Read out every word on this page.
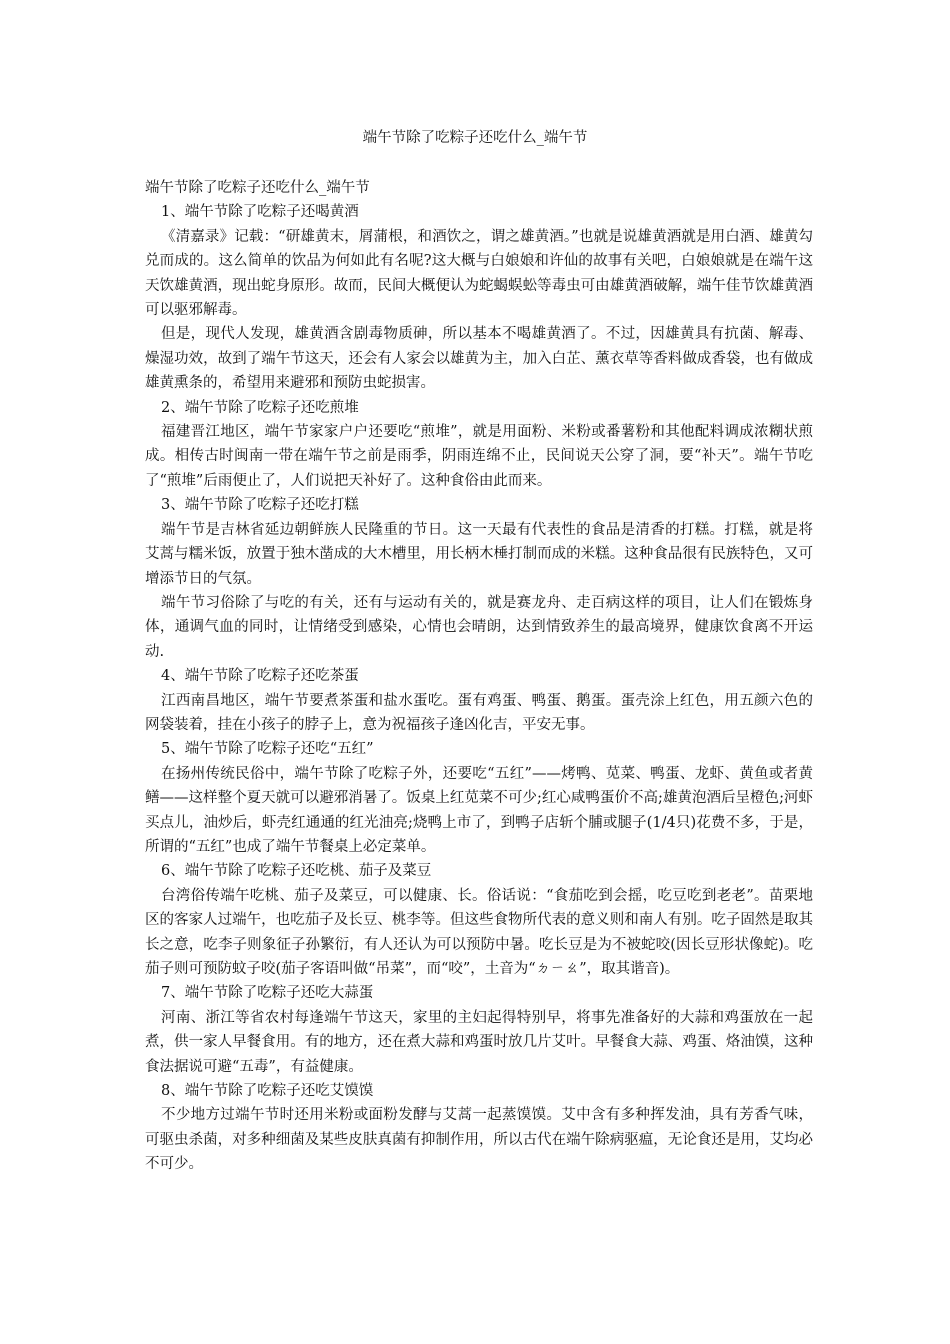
端午节除了吃粽子还吃什么_端午节

端午节除了吃粽子还吃什么_端午节

1、端午节除了吃粽子还喝黄酒

《清嘉录》记载：“研雄黄末，屑蒲根，和酒饮之，谓之雄黄酒。”也就是说雄黄酒就是用白酒、雄黄勾兑而成的。这么简单的饮品为何如此有名呢?这大概与白娘娘和许仙的故事有关吧，白娘娘就是在端午这天饮雄黄酒，现出蛇身原形。故而，民间大概便认为蛇蝎蜈蚣等毒虫可由雄黄酒破解，端午佳节饮雄黄酒可以驱邪解毒。

但是，现代人发现，雄黄酒含剧毒物质砷，所以基本不喝雄黄酒了。不过，因雄黄具有抗菌、解毒、燥湿功效，故到了端午节这天，还会有人家会以雄黄为主，加入白芷、薰衣草等香料做成香袋，也有做成雄黄熏条的，希望用来避邪和预防虫蛇损害。

2、端午节除了吃粽子还吃煎堆

福建晋江地区，端午节家家户户还要吃“煎堆”，就是用面粉、米粉或番薯粉和其他配料调成浓糊状煎成。相传古时闽南一带在端午节之前是雨季，阴雨连绵不止，民间说天公穿了洞，要“补天”。端午节吃了“煎堆”后雨便止了，人们说把天补好了。这种食俗由此而来。

3、端午节除了吃粽子还吃打糕

端午节是吉林省延边朝鲜族人民隆重的节日。这一天最有代表性的食品是清香的打糕。打糕，就是将艾蒿与糯米饭，放置于独木凿成的大木槽里，用长柄木棰打制而成的米糕。这种食品很有民族特色，又可增添节日的气氛。

端午节习俗除了与吃的有关，还有与运动有关的，就是赛龙舟、走百病这样的项目，让人们在锻炼身体，通调气血的同时，让情绪受到感染，心情也会晴朗，达到情致养生的最高境界，健康饮食离不开运动.

4、端午节除了吃粽子还吃茶蛋

江西南昌地区，端午节要煮茶蛋和盐水蛋吃。蛋有鸡蛋、鸭蛋、鹅蛋。蛋壳涂上红色，用五颜六色的网袋装着，挂在小孩子的脖子上，意为祝福孩子逢凶化吉，平安无事。

5、端午节除了吃粽子还吃“五红”

在扬州传统民俗中，端午节除了吃粽子外，还要吃“五红”——烤鸭、苋菜、鸭蛋、龙虾、黄鱼或者黄鳝——这样整个夏天就可以避邪消暑了。饭桌上红苋菜不可少;红心咸鸭蛋价不高;雄黄泡酒后呈橙色;河虾买点儿，油炒后，虾壳红通通的红光油亮;烧鸭上市了，到鸭子店斩个脯或腿子(1/4只)花费不多，于是，所谓的“五红”也成了端午节餐桌上必定菜单。

6、端午节除了吃粽子还吃桃、茄子及菜豆

台湾俗传端午吃桃、茄子及菜豆，可以健康、长。俗话说：“食茄吃到会摇，吃豆吃到老老”。苗栗地区的客家人过端午，也吃茄子及长豆、桃李等。但这些食物所代表的意义则和南人有别。吃子固然是取其长之意，吃李子则象征子孙繁衍，有人还认为可以预防中暑。吃长豆是为不被蛇咬(因长豆形状像蛇)。吃茄子则可预防蚊子咬(茄子客语叫做“吊菜”，而“咬”，土音为“ㄉㄧㄠ”，取其谐音)。

7、端午节除了吃粽子还吃大蒜蛋

河南、浙江等省农村每逢端午节这天，家里的主妇起得特别早，将事先准备好的大蒜和鸡蛋放在一起煮，供一家人早餐食用。有的地方，还在煮大蒜和鸡蛋时放几片艾叶。早餐食大蒜、鸡蛋、烙油馍，这种食法据说可避“五毒”，有益健康。

8、端午节除了吃粽子还吃艾馍馍

不少地方过端午节时还用米粉或面粉发酵与艾蒿一起蒸馍馍。艾中含有多种挥发油，具有芳香气味，可驱虫杀菌，对多种细菌及某些皮肤真菌有抑制作用，所以古代在端午除病驱瘟，无论食还是用，艾均必不可少。
